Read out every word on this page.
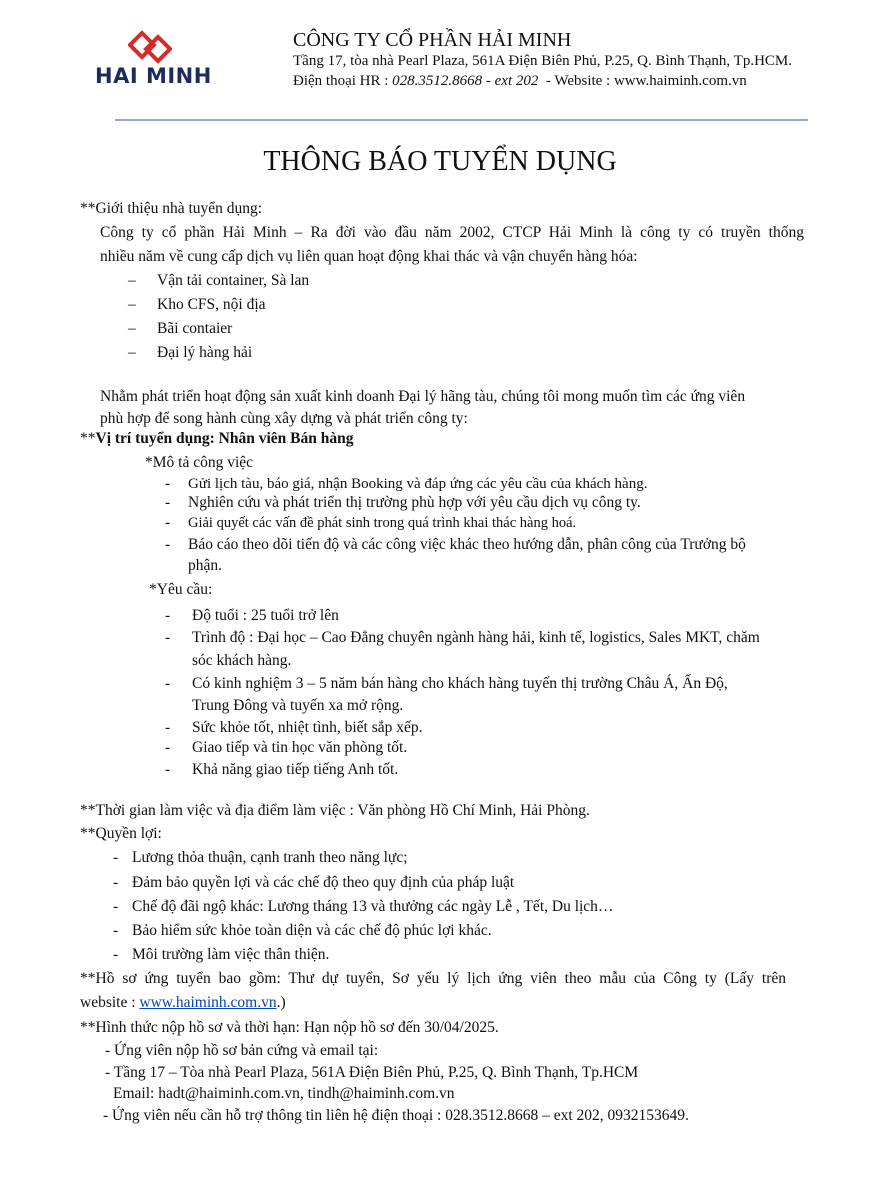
HAI MINH
CÔNG TY CỔ PHẦN HẢI MINH
Tầng 17, tòa nhà Pearl Plaza, 561A Điện Biên Phủ, P.25, Q. Bình Thạnh, Tp.HCM.
Điện thoại HR : 028.3512.8668 - ext 202  - Website : www.haiminh.com.vn
THÔNG BÁO TUYỂN DỤNG
**Giới thiệu nhà tuyển dụng:
Công ty cổ phần Hải Minh – Ra đời vào đầu năm 2002, CTCP Hải Minh là công ty có truyền thống
nhiều năm về cung cấp dịch vụ liên quan hoạt động khai thác và vận chuyển hàng hóa:
– Vận tải container, Sà lan
– Kho CFS, nội địa
– Bãi contaier
– Đại lý hàng hải
Nhằm phát triển hoạt động sản xuất kinh doanh Đại lý hãng tàu, chúng tôi mong muốn tìm các ứng viên
phù hợp để song hành cùng xây dựng và phát triển công ty:
**Vị trí tuyển dụng: Nhân viên Bán hàng
*Mô tả công việc
- Gửi lịch tàu, báo giá, nhận Booking và đáp ứng các yêu cầu của khách hàng.
- Nghiên cứu và phát triển thị trường phù hợp với yêu cầu dịch vụ công ty.
- Giải quyết các vấn đề phát sinh trong quá trình khai thác hàng hoá.
- Báo cáo theo dõi tiến độ và các công việc khác theo hướng dẫn, phân công của Trưởng bộ
phận.
*Yêu cầu:
- Độ tuổi : 25 tuổi trở lên
- Trình độ : Đại học – Cao Đẳng chuyên ngành hàng hải, kinh tế, logistics, Sales MKT, chăm
sóc khách hàng.
- Có kinh nghiệm 3 – 5 năm bán hàng cho khách hàng tuyến thị trường Châu Á, Ấn Độ,
Trung Đông và tuyến xa mở rộng.
- Sức khỏe tốt, nhiệt tình, biết sắp xếp.
- Giao tiếp và tin học văn phòng tốt.
- Khả năng giao tiếp tiếng Anh tốt.
**Thời gian làm việc và địa điểm làm việc : Văn phòng Hồ Chí Minh, Hải Phòng.
**Quyền lợi:
- Lương thỏa thuận, cạnh tranh theo năng lực;
- Đảm bảo quyền lợi và các chế độ theo quy định của pháp luật
- Chế độ đãi ngộ khác: Lương tháng 13 và thưởng các ngày Lễ , Tết, Du lịch…
- Bảo hiểm sức khỏe toàn diện và các chế độ phúc lợi khác.
- Môi trường làm việc thân thiện.
**Hồ sơ ứng tuyển bao gồm: Thư dự tuyển, Sơ yếu lý lịch ứng viên theo mẫu của Công ty (Lấy trên
website : www.haiminh.com.vn.)
**Hình thức nộp hồ sơ và thời hạn: Hạn nộp hồ sơ đến 30/04/2025.
- Ứng viên nộp hồ sơ bản cứng và email tại:
- Tầng 17 – Tòa nhà Pearl Plaza, 561A Điện Biên Phủ, P.25, Q. Bình Thạnh, Tp.HCM
Email: hadt@haiminh.com.vn, tindh@haiminh.com.vn
- Ứng viên nếu cần hỗ trợ thông tin liên hệ điện thoại : 028.3512.8668 – ext 202, 0932153649.
